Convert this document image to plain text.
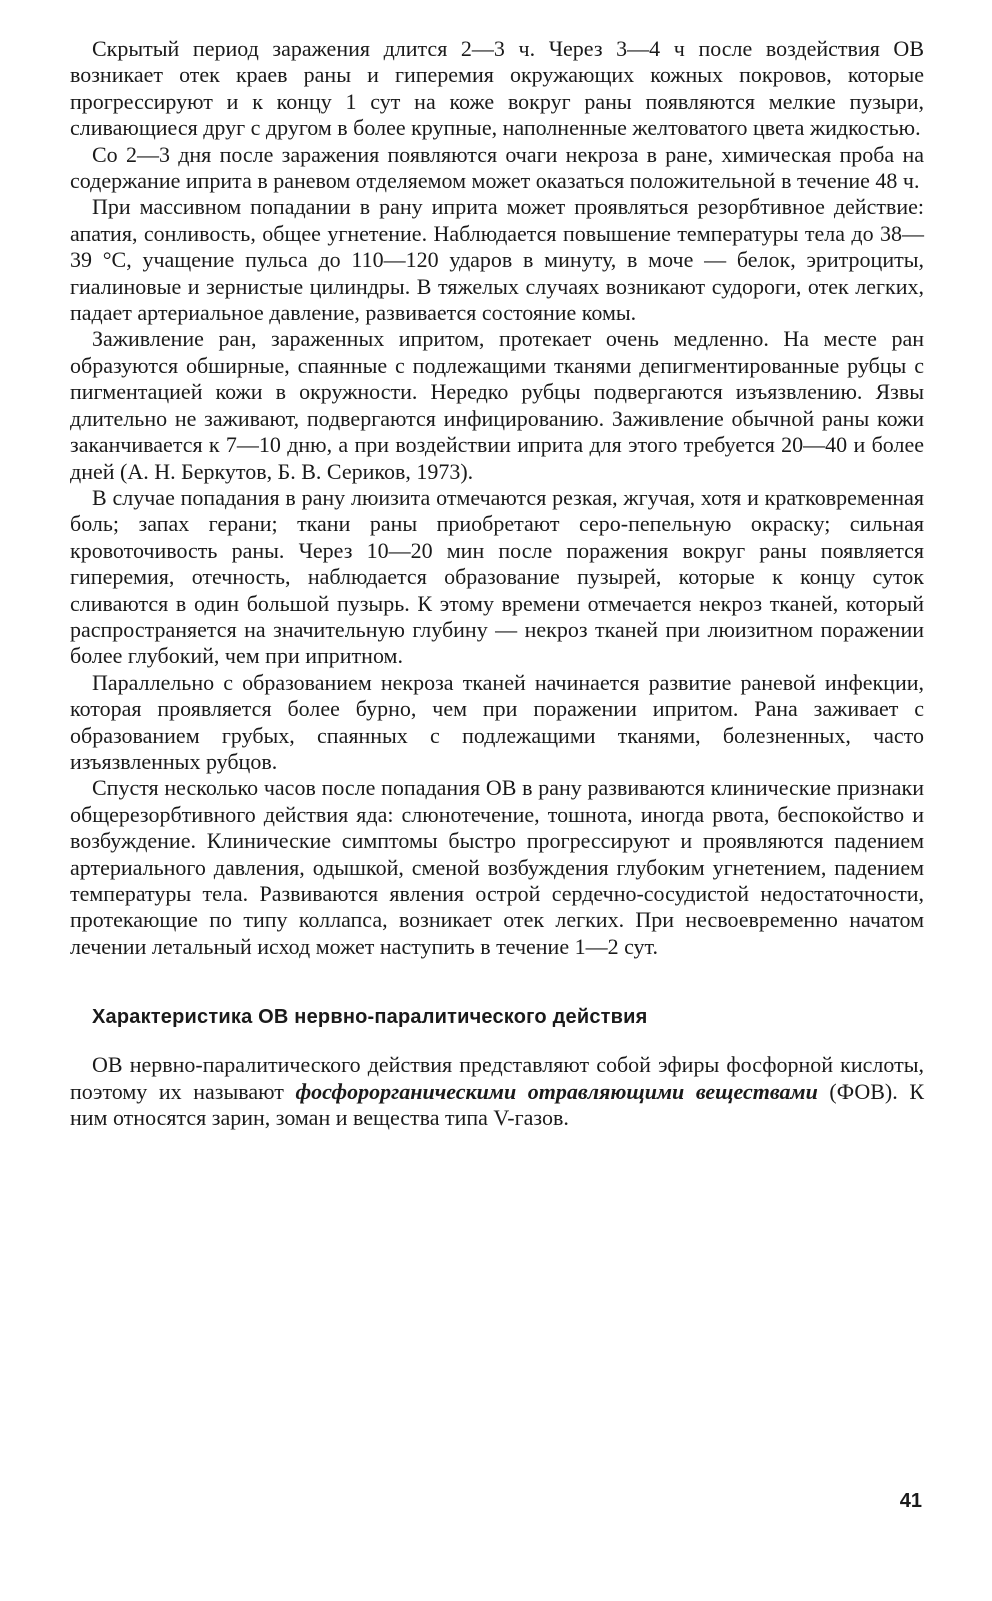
Скрытый период заражения длится 2—3 ч. Через 3—4 ч после воздействия ОВ возникает отек краев раны и гиперемия окружающих кожных покровов, которые прогрессируют и к концу 1 сут на коже вокруг раны появляются мелкие пузыри, сливающиеся друг с другом в более крупные, наполненные желтоватого цвета жидкостью.

Со 2—3 дня после заражения появляются очаги некроза в ране, химическая проба на содержание иприта в раневом отделяемом может оказаться положительной в течение 48 ч.

При массивном попадании в рану иприта может проявляться резорбтивное действие: апатия, сонливость, общее угнетение. Наблюдается повышение температуры тела до 38—39 °С, учащение пульса до 110—120 ударов в минуту, в моче — белок, эритроциты, гиалиновые и зернистые цилиндры. В тяжелых случаях возникают судороги, отек легких, падает артериальное давление, развивается состояние комы.

Заживление ран, зараженных ипритом, протекает очень медленно. На месте ран образуются обширные, спаянные с подлежащими тканями депигментированные рубцы с пигментацией кожи в окружности. Нередко рубцы подвергаются изъязвлению. Язвы длительно не заживают, подвергаются инфицированию. Заживление обычной раны кожи заканчивается к 7—10 дню, а при воздействии иприта для этого требуется 20—40 и более дней (А. Н. Беркутов, Б. В. Сериков, 1973).

В случае попадания в рану люизита отмечаются резкая, жгучая, хотя и кратковременная боль; запах герани; ткани раны приобретают серо-пепельную окраску; сильная кровоточивость раны. Через 10—20 мин после поражения вокруг раны появляется гиперемия, отечность, наблюдается образование пузырей, которые к концу суток сливаются в один большой пузырь. К этому времени отмечается некроз тканей, который распространяется на значительную глубину — некроз тканей при люизитном поражении более глубокий, чем при ипритном.

Параллельно с образованием некроза тканей начинается развитие раневой инфекции, которая проявляется более бурно, чем при поражении ипритом. Рана заживает с образованием грубых, спаянных с подлежащими тканями, болезненных, часто изъязвленных рубцов.

Спустя несколько часов после попадания ОВ в рану развиваются клинические признаки общерезорбтивного действия яда: слюнотечение, тошнота, иногда рвота, беспокойство и возбуждение. Клинические симптомы быстро прогрессируют и проявляются падением артериального давления, одышкой, сменой возбуждения глубоким угнетением, падением температуры тела. Развиваются явления острой сердечно-сосудистой недостаточности, протекающие по типу коллапса, возникает отек легких. При несвоевременно начатом лечении летальный исход может наступить в течение 1—2 сут.

Характеристика ОВ нервно-паралитического действия

ОВ нервно-паралитического действия представляют собой эфиры фосфорной кислоты, поэтому их называют фосфорорганическими отравляющими веществами (ФОВ). К ним относятся зарин, зоман и вещества типа V-газов.

41
